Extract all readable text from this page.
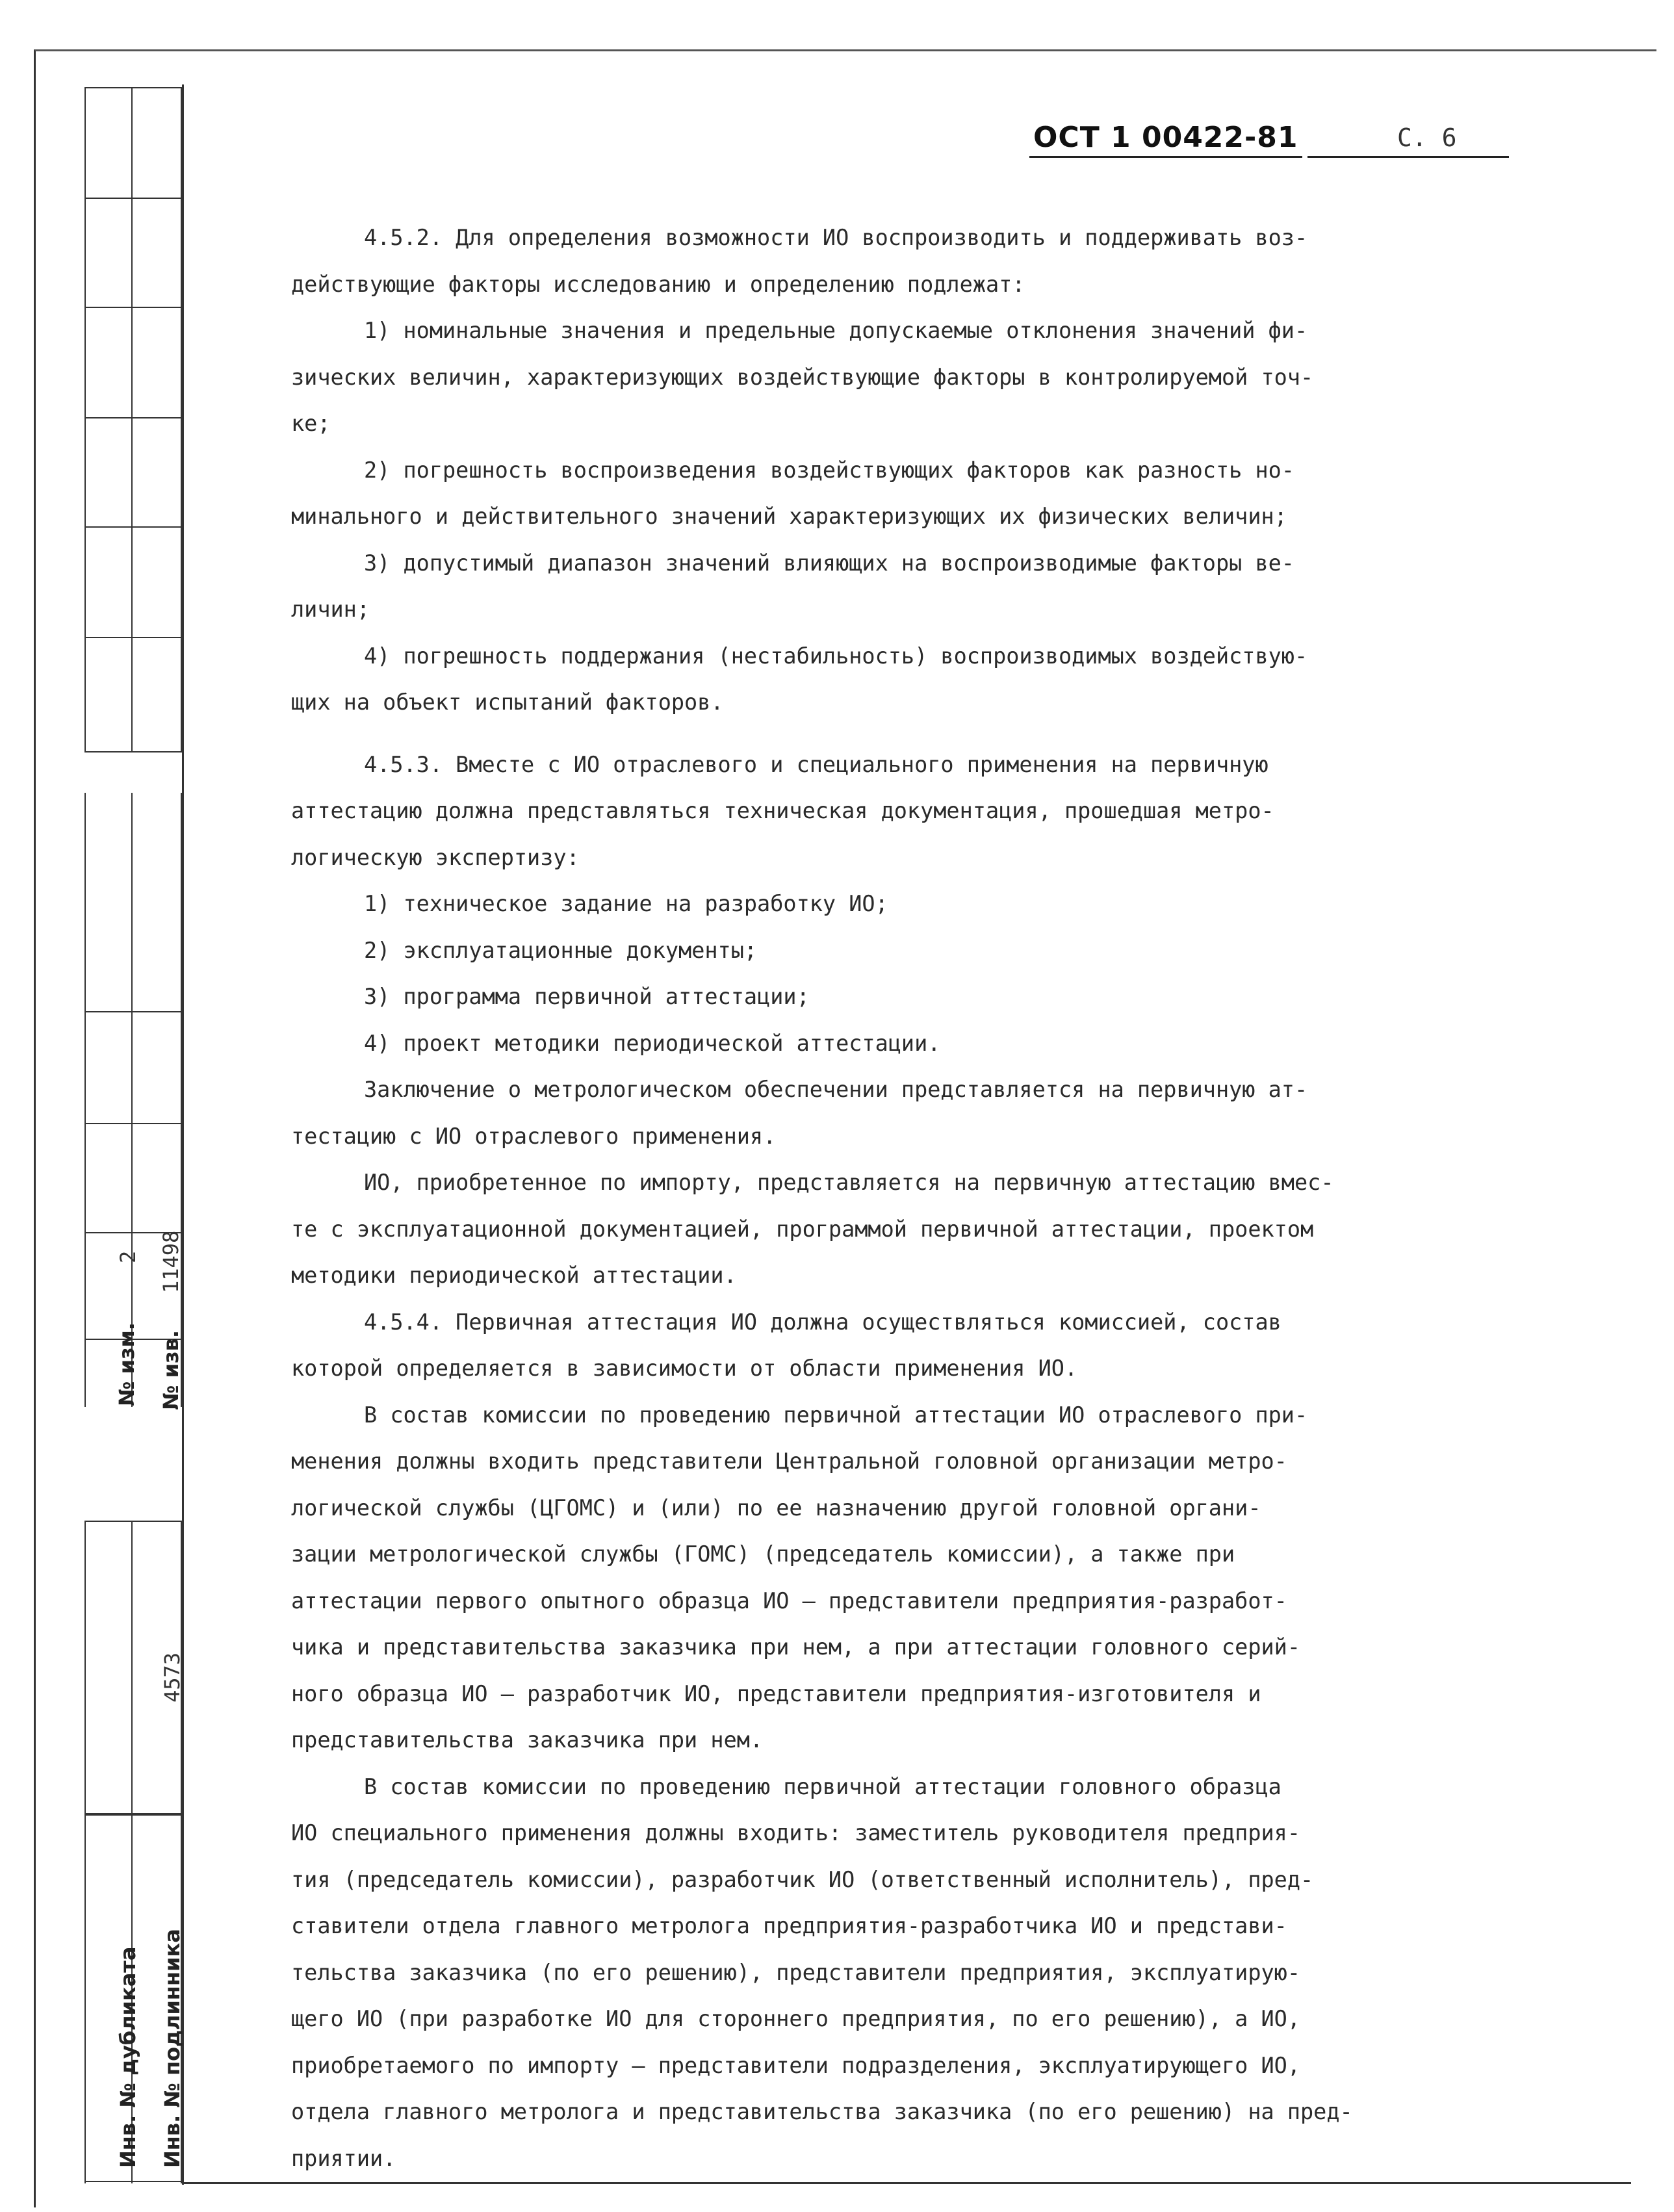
2 11498
№ изм. № изв.
4573
Инв. № дубликата Инв. № подлинника
ОСТ 1 00422-81	С. 6

4.5.2. Для определения возможности ИО воспроизводить и поддерживать воз-

действующие факторы исследованию и определению подлежат:

1) номинальные значения и предельные допускаемые отклонения значений фи-

зических величин, характеризующих воздействующие факторы в контролируемой точ-

ке;

2) погрешность воспроизведения воздействующих факторов как разность но-

минального и действительного значений характеризующих их физических величин;

3) допустимый диапазон значений влияющих на воспроизводимые факторы ве-

личин;

4) погрешность поддержания (нестабильность) воспроизводимых воздействую-

щих на объект испытаний факторов.

4.5.3. Вместе с ИО отраслевого и специального применения на первичную

аттестацию должна представляться техническая документация, прошедшая метро-

логическую экспертизу:

1) техническое задание на разработку ИО;

2) эксплуатационные документы;

3) программа первичной аттестации;

4) проект методики периодической аттестации.

Заключение о метрологическом обеспечении представляется на первичную ат-

тестацию с ИО отраслевого применения.

ИО, приобретенное по импорту, представляется на первичную аттестацию вмес-

те с эксплуатационной документацией, программой первичной аттестации, проектом

методики периодической аттестации.

4.5.4. Первичная аттестация ИО должна осуществляться комиссией, состав

которой определяется в зависимости от области применения ИО.

В состав комиссии по проведению первичной аттестации ИО отраслевого при-

менения должны входить представители Центральной головной организации метро-

логической службы (ЦГОМС) и (или) по ее назначению другой головной органи-

зации метрологической службы (ГОМС) (председатель комиссии), а также при

аттестации первого опытного образца ИО – представители предприятия-разработ-

чика и представительства заказчика при нем, а при аттестации головного серий-

ного образца ИО – разработчик ИО, представители предприятия-изготовителя и

представительства заказчика при нем.

В состав комиссии по проведению первичной аттестации головного образца

ИО специального применения должны входить: заместитель руководителя предприя-

тия (председатель комиссии), разработчик ИО (ответственный исполнитель), пред-

ставители отдела главного метролога предприятия-разработчика ИО и представи-

тельства заказчика (по его решению), представители предприятия, эксплуатирую-

щего ИО (при разработке ИО для стороннего предприятия, по его решению), а ИО,

приобретаемого по импорту – представители подразделения, эксплуатирующего ИО,

отдела главного метролога и представительства заказчика (по его решению) на пред-

приятии.
